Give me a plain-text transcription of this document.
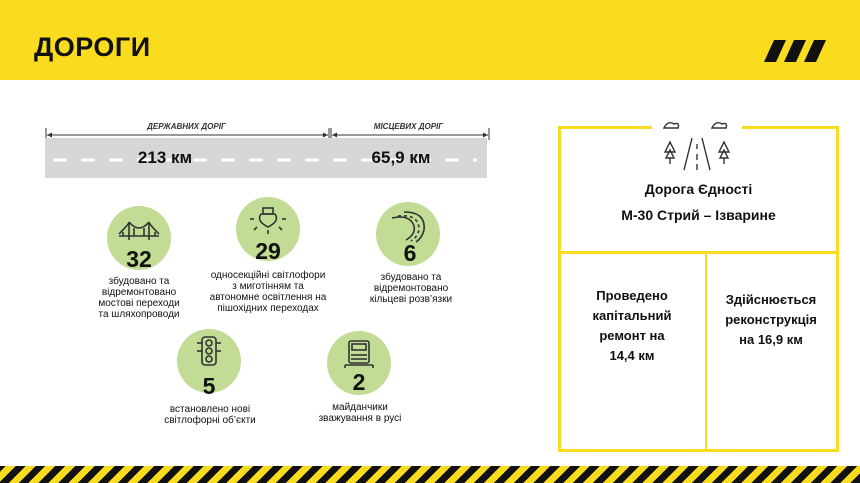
ДОРОГИ
ДЕРЖАВНИХ ДОРІГ	МІСЦЕВИХ ДОРІГ
213 км	65,9 км
32
збудовано та
відремонтовано
мостові переходи
та шляхопроводи
29
односекційні світлофори
з миготінням та
автономне освітлення на
пішохідних переходах
6
збудовано та
відремонтовано
кільцеві розв’язки
5
встановлено нові
світлофорні об’єкти
2
майданчики
зважування в русі
Дорога Єдності
М-30 Стрий – Ізварине
Проведено
капітальний
ремонт на
14,4 км
Здійснюється
реконструкція
на 16,9 км
